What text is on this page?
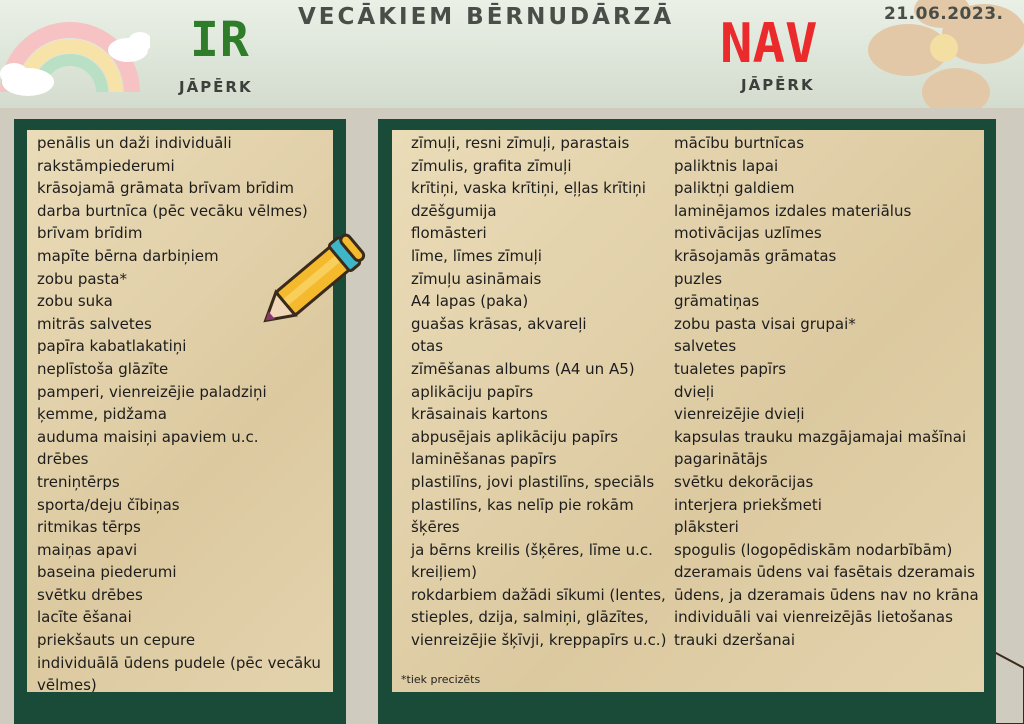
VECĀKIEM BĒRNUDĀRZĀ	21.06.2023.
IR
JĀPĒRK
NAV
JĀPĒRK
penālis un daži individuāli
rakstāmpiederumi
krāsojamā grāmata brīvam brīdim
darba burtnīca (pēc vecāku vēlmes)
brīvam brīdim
mapīte bērna darbiņiem
zobu pasta*
zobu suka
mitrās salvetes
papīra kabatlakatiņi
neplīstoša glāzīte
pamperi, vienreizējie paladziņi
ķemme, pidžama
auduma maisiņi apaviem u.c.
drēbes
treniņtērps
sporta/deju čībiņas
ritmikas tērps
maiņas apavi
baseina piederumi
svētku drēbes
lacīte ēšanai
priekšauts un cepure
individuālā ūdens pudele (pēc vecāku
vēlmes)
zīmuļi, resni zīmuļi, parastais
zīmulis, grafita zīmuļi
krītiņi, vaska krītiņi, eļļas krītiņi
dzēšgumija
flomāsteri
līme, līmes zīmuļi
zīmuļu asināmais
A4 lapas (paka)
guašas krāsas, akvareļi
otas
zīmēšanas albums (A4 un A5)
aplikāciju papīrs
krāsainais kartons
abpusējais aplikāciju papīrs
laminēšanas papīrs
plastilīns, jovi plastilīns, speciāls
plastilīns, kas nelīp pie rokām
šķēres
ja bērns kreilis (šķēres, līme u.c.
kreiļiem)
rokdarbiem dažādi sīkumi (lentes,
stieples, dzija, salmiņi, glāzītes,
vienreizējie šķīvji, kreppapīrs u.c.)
mācību burtnīcas
paliktnis lapai
paliktņi galdiem
laminējamos izdales materiālus
motivācijas uzlīmes
krāsojamās grāmatas
puzles
grāmatiņas
zobu pasta visai grupai*
salvetes
tualetes papīrs
dvieļi
vienreizējie dvieļi
kapsulas trauku mazgājamajai mašīnai
pagarinātājs
svētku dekorācijas
interjera priekšmeti
plāksteri
spogulis (logopēdiskām nodarbībām)
dzeramais ūdens vai fasētais dzeramais
ūdens, ja dzeramais ūdens nav no krāna
individuāli vai vienreizējās lietošanas
trauki dzeršanai
*tiek precizēts
